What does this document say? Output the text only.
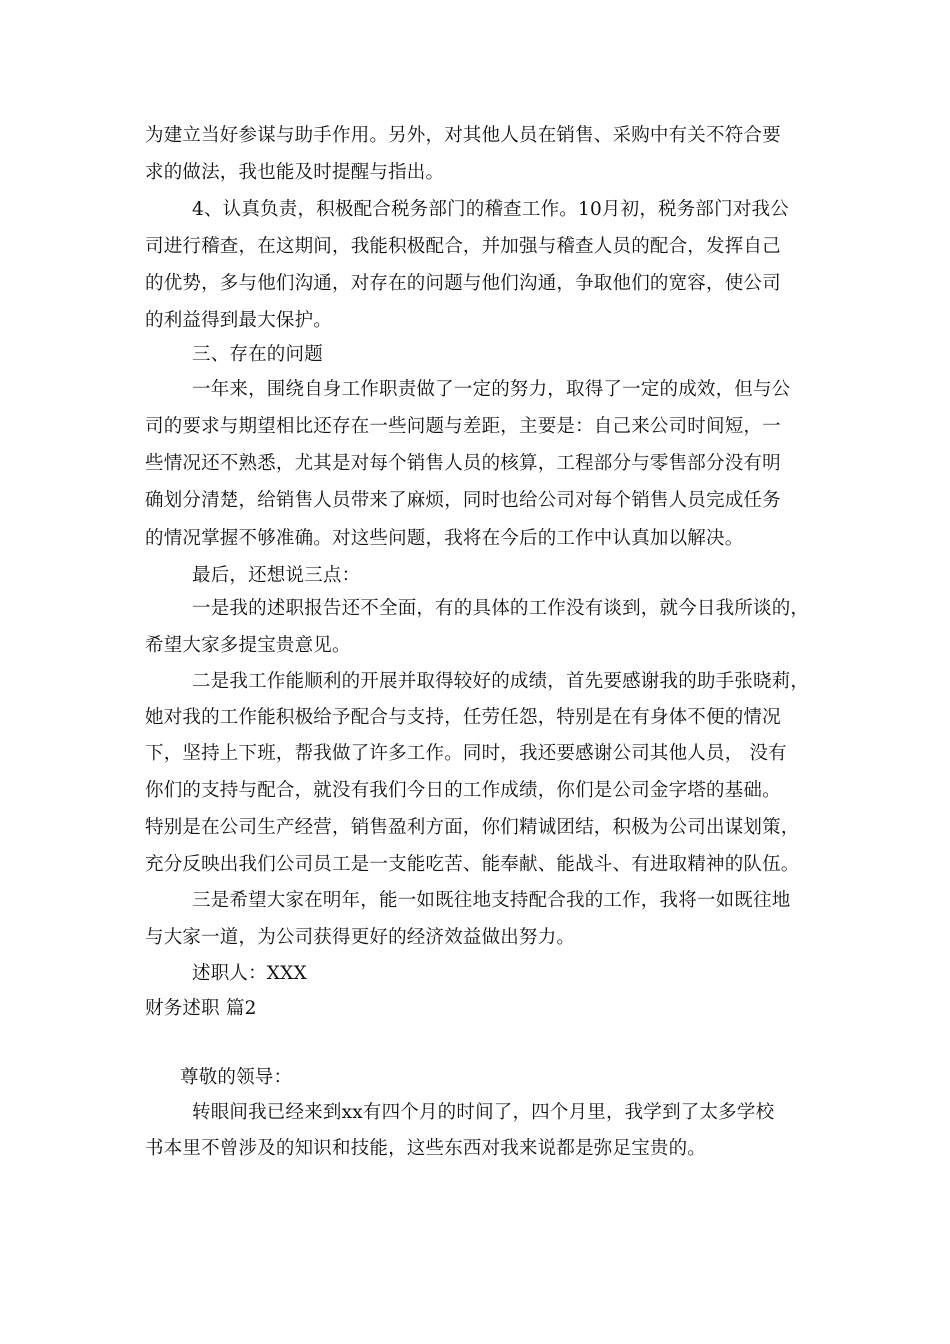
为建立当好参谋与助手作用。另外，对其他人员在销售、采购中有关不符合要
求的做法，我也能及时提醒与指出。
4、认真负责，积极配合税务部门的稽查工作。10月初，税务部门对我公
司进行稽查，在这期间，我能积极配合，并加强与稽查人员的配合，发挥自己
的优势，多与他们沟通，对存在的问题与他们沟通，争取他们的宽容，使公司
的利益得到最大保护。
三、存在的问题
一年来，围绕自身工作职责做了一定的努力，取得了一定的成效，但与公
司的要求与期望相比还存在一些问题与差距，主要是：自己来公司时间短，一
些情况还不熟悉，尤其是对每个销售人员的核算，工程部分与零售部分没有明
确划分清楚，给销售人员带来了麻烦，同时也给公司对每个销售人员完成任务
的情况掌握不够准确。对这些问题，我将在今后的工作中认真加以解决。
最后，还想说三点：
一是我的述职报告还不全面，有的具体的工作没有谈到，就今日我所谈的，
希望大家多提宝贵意见。
二是我工作能顺利的开展并取得较好的成绩，首先要感谢我的助手张晓莉，
她对我的工作能积极给予配合与支持，任劳任怨，特别是在有身体不便的情况
下，坚持上下班，帮我做了许多工作。同时，我还要感谢公司其他人员， 没有
你们的支持与配合，就没有我们今日的工作成绩，你们是公司金字塔的基础。
特别是在公司生产经营，销售盈利方面，你们精诚团结，积极为公司出谋划策，
充分反映出我们公司员工是一支能吃苦、能奉献、能战斗、有进取精神的队伍。
三是希望大家在明年，能一如既往地支持配合我的工作，我将一如既往地
与大家一道，为公司获得更好的经济效益做出努力。
述职人：XXX
财务述职 篇2
尊敬的领导：
转眼间我已经来到xx有四个月的时间了，四个月里，我学到了太多学校
书本里不曾涉及的知识和技能，这些东西对我来说都是弥足宝贵的。
